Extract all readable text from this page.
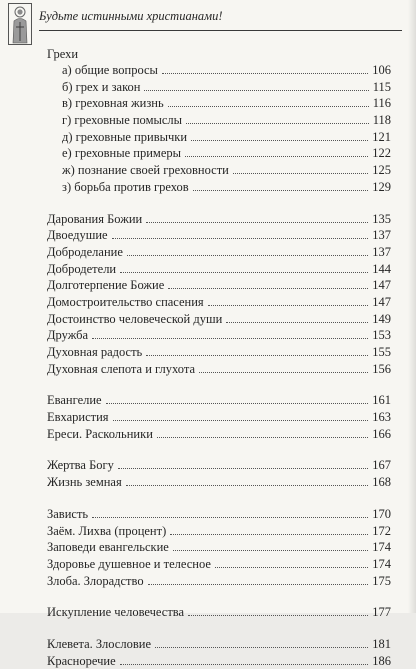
Будьте истинными христианами!
Грехи
а) общие вопросы	106
б) грех и закон	115
в) греховная жизнь	116
г) греховные помыслы	118
д) греховные привычки	121
е) греховные примеры	122
ж) познание своей греховности	125
з) борьба против грехов	129
Дарования Божии	135
Двоедушие	137
Доброделание	137
Добродетели	144
Долготерпение Божие	147
Домостроительство спасения	147
Достоинство человеческой души	149
Дружба	153
Духовная радость	155
Духовная слепота и глухота	156
Евангелие	161
Евхаристия	163
Ереси. Раскольники	166
Жертва Богу	167
Жизнь земная	168
Зависть	170
Заём. Лихва (процент)	172
Заповеди евангельские	174
Здоровье душевное и телесное	174
Злоба. Злорадство	175
Искупление человечества	177
Клевета. Злословие	181
Красноречие	186
